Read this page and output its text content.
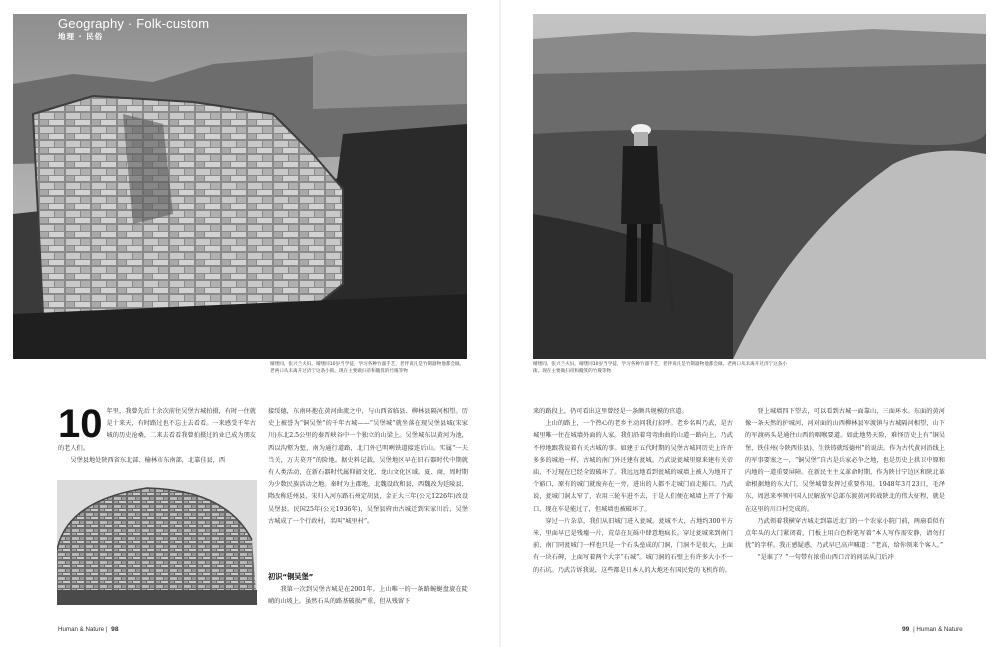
Geography · Folk-custom
地理 · 民俗
晴缕同、张兴兰夫妇。晴缕同10岁当学徒，学习各种竹器手艺，老伴说凡是竹制器物他都会做。老两口从未离开过济宁这条小街。现在主要做扫帚和簸箕的竹篾等物

10 年里，我曾先后十余次前往吴堡古城拍摄，有时一住就是十来天，有时路过也不忘上去看看。一来感受千年古城的历史沧桑，二来去看看我曾拍摄过的业已成为朋友的老人们。

吴堡县地处陕西省东北部、榆林市东南部，北靠佳县，西

接绥德，东南环抱在黄河曲流之中，与山西省临县、柳林县隔河相望。历史上被誉为“铜吴堡”的千年古城——“吴堡城”就坐落在现吴堡县城(宋家川)东北2.5公里的秦晋峡谷中一个独立的山梁上。吴堡城东以黄河为池，西以沟壑为堑，南为通行道路，北门外已明咧铁道接连后山。实属“一夫当关，万夫莫开”的险地。据史料记载，吴堡地区早在旧石器时代中期就有人类活动，在新石器时代属仰韶文化、龙山文化区域。夏、商，周时期为少数民族活动之地。秦时为上郡地，北魏设政和县，西魏改为廷陵县，隋改称廷州县，宋归入河东路石州定胡县，金正大三年(公元1226年)改设吴堡县。民国25年(公元1936年)，吴堡县府由古城迁到宋家川后，吴堡古城成了一个行政村，名叫“城里村”。

初识“铜吴堡”

我第一次到吴堡古城是在2001年。上山唯一的一条路蜿蜒盘旋在陡峭的山坡上。虽然石头的路基破损严重，但从残留下

Human & Nature | 98
晴缕同、张兴兰夫妇。晴缕同10岁当学徒，学习各种竹器手艺，老伴说凡是竹制器物他都会做。老两口从未离开过济宁这条小街。现在主要做扫帚和簸箕的竹篾等物

来的路段上，仍可看出这里曾经是一条颇具规模的官道。

上山的路上，一个热心的老乡主动问我打招呼。老乡名叫乃武，是古城里唯一住在城墙外面的人家。我们沿着弯弯曲曲的山道一路向上，乃武不停地跟我说着有关古城的事。如建于五代时期的吴堡古城同历史上许许多多的城池一样，古城的南门外还建有瓮城。乃武说瓮城里原来建有关帝庙，不过现在已经全毁破坏了。我远远地看到瓮城的城墙上被人为地开了个豁口，原有的城门就废弃在一旁，进出的人都不走城门而走豁口。乃武说，瓮城门洞太窄了，农用三轮车进不去，于是人们便在城墙上开了个豁口，现在车是能过了，但城墙也被破坏了。

穿过一片杂草，我们从旧城门进入瓮城。瓮城不大，占地约300平方米，里面早已是残墟一片，荒草在瓦砾中肆意地疯长。穿过瓮城来到南门前，南门同瓮城门一样也只是一个石头垒成的门洞，门洞不是很大，上面有一块石碑，上面写着两个大字“石城”。城门洞的石壁上有许多大小不一的石坑。乃武告诉我说，这些都是日本人的大炮还有国民党的飞机炸的。

登上城墙四下望去，可以看到古城一面靠山、三面环水。东面的黄河像一条天然的护城河，河对面的山西柳林县军渡镇与古城隔河相望，山下的军渡码头是通往山西的咽喉要道。如此地势天险，难怪历史上有“铜吴堡、铁佳州(今陕西佳县)、生铁铸就绥德州”的说法。作为古代黄河沿线上的军事要塞之一，“铜吴堡”自古是兵家必争之地，也是历史上拱卫中原和内地的一道重要屏障。在新民主主义革命时期，作为陕甘宁边区和陕北革命根据地的东大门，吴堡城曾发挥过重要作用。1948年3月23日，毛泽东、周恩来率领中国人民解放军总部东渡黄河转战陕北的伟大征程，就是在这里的川口村完成的。

乃武领着我横穿古城走到靠近北门的一个农家小院门前，两扇看似有点年头的大门紧闭着，门板上用白色粉笔写着“本人写作需安静，请勿打扰”的字样。我正感疑惑，乃武早已高声喊道：“老高，给你领来个客人。”

“是谁了？”一句带有浓重山西口音的问话从门后冲

99 | Human & Nature
